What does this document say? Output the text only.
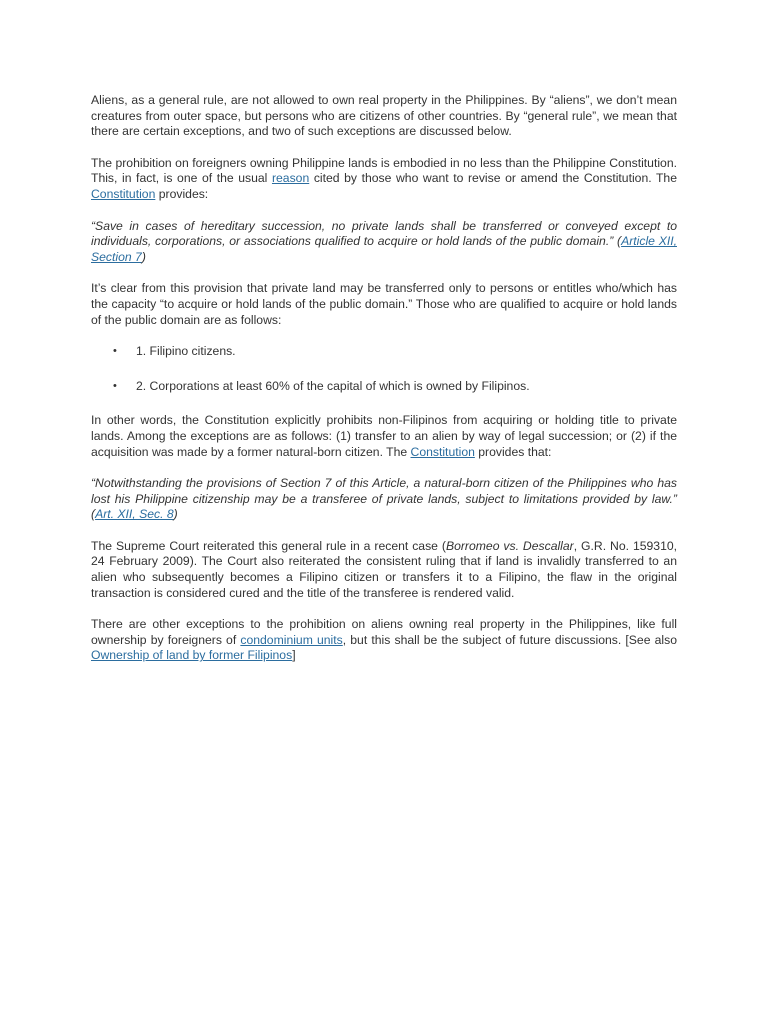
Aliens, as a general rule, are not allowed to own real property in the Philippines. By “aliens”, we don’t mean creatures from outer space, but persons who are citizens of other countries. By “general rule”, we mean that there are certain exceptions, and two of such exceptions are discussed below.

The prohibition on foreigners owning Philippine lands is embodied in no less than the Philippine Constitution. This, in fact, is one of the usual reason cited by those who want to revise or amend the Constitution. The Constitution provides:

“Save in cases of hereditary succession, no private lands shall be transferred or conveyed except to individuals, corporations, or associations qualified to acquire or hold lands of the public domain.” (Article XII, Section 7)

It’s clear from this provision that private land may be transferred only to persons or entitles who/which has the capacity “to acquire or hold lands of the public domain.” Those who are qualified to acquire or hold lands of the public domain are as follows:

• 1. Filipino citizens.
• 2. Corporations at least 60% of the capital of which is owned by Filipinos.

In other words, the Constitution explicitly prohibits non-Filipinos from acquiring or holding title to private lands. Among the exceptions are as follows: (1) transfer to an alien by way of legal succession; or (2) if the acquisition was made by a former natural-born citizen. The Constitution provides that:

“Notwithstanding the provisions of Section 7 of this Article, a natural-born citizen of the Philippines who has lost his Philippine citizenship may be a transferee of private lands, subject to limitations provided by law.” (Art. XII, Sec. 8)

The Supreme Court reiterated this general rule in a recent case (Borromeo vs. Descallar, G.R. No. 159310, 24 February 2009). The Court also reiterated the consistent ruling that if land is invalidly transferred to an alien who subsequently becomes a Filipino citizen or transfers it to a Filipino, the flaw in the original transaction is considered cured and the title of the transferee is rendered valid.

There are other exceptions to the prohibition on aliens owning real property in the Philippines, like full ownership by foreigners of condominium units, but this shall be the subject of future discussions. [See also Ownership of land by former Filipinos]
